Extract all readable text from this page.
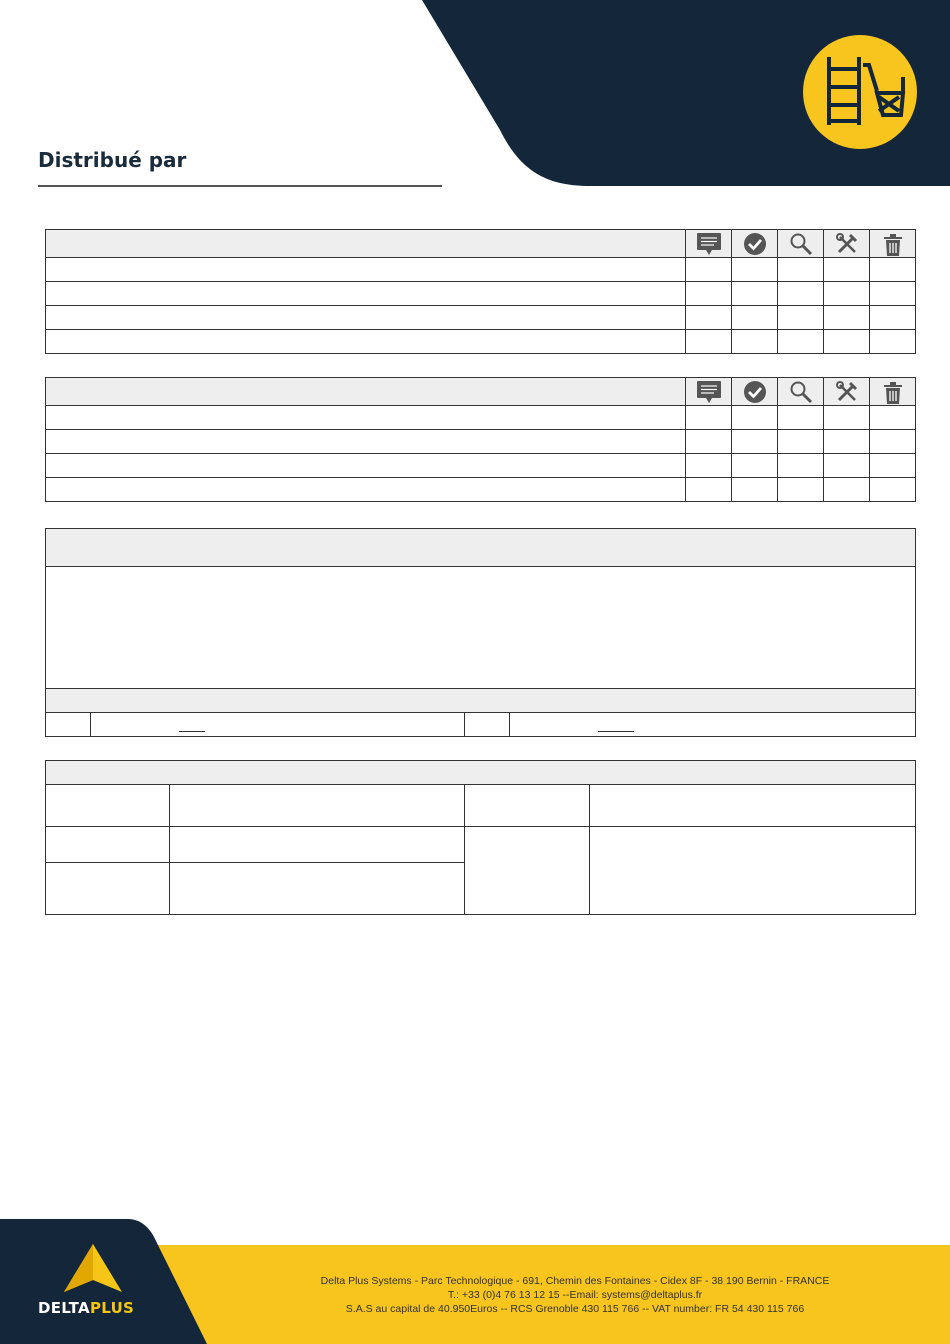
Distribué par

DELTAPLUS
Delta Plus Systems - Parc Technologique - 691, Chemin des Fontaines - Cidex 8F - 38 190 Bernin - FRANCE
T.: +33 (0)4 76 13 12 15 --Email: systems@deltaplus.fr
S.A.S au capital de 40.950Euros -- RCS Grenoble 430 115 766 -- VAT number: FR 54 430 115 766
